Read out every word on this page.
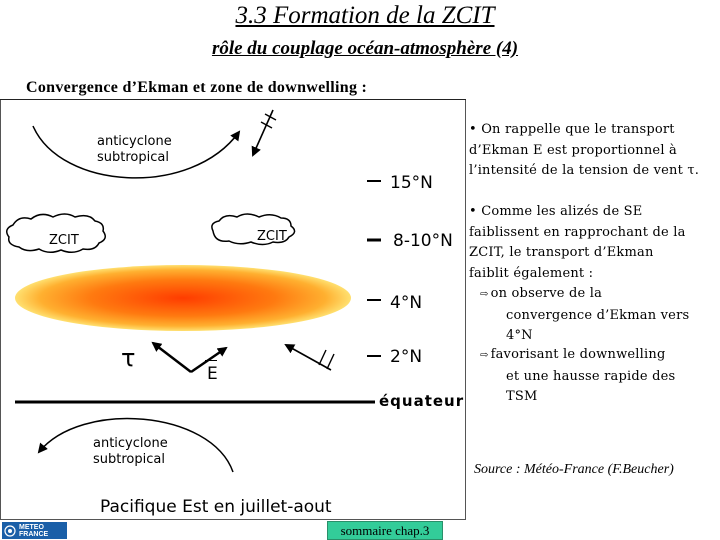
3.3 Formation de la ZCIT
rôle du couplage océan-atmosphère (4)
Convergence d’Ekman et zone de downwelling :
anticyclone
subtropical
ZCIT	ZCIT
15°N
8-10°N
4°N
2°N
τ
E
équateur
anticyclone
subtropical
Pacifique Est en juillet-aout
• On rappelle que le transport
d’Ekman E est proportionnel à
l’intensité de la tension de vent τ.
• Comme les alizés de SE
faiblissent en rapprochant de la
ZCIT, le transport d’Ekman
faiblit également :
⇨ on observe de la
convergence d’Ekman vers
4°N
⇨ favorisant le downwelling
et une hausse rapide des
TSM
Source : Météo-France (F.Beucher)
METEO
FRANCE	sommaire chap.3
